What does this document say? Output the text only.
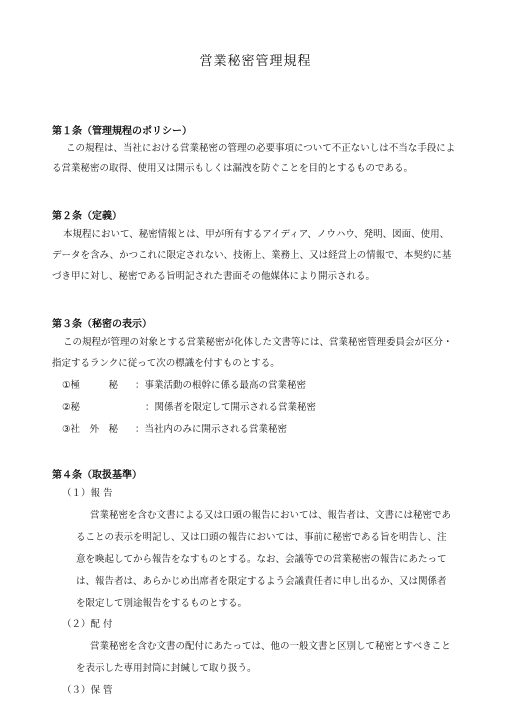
営業秘密管理規程
第１条（管理規程のポリシー）
この規程は、当社における営業秘密の管理の必要事項について不正ないしは不当な手段によ
る営業秘密の取得、使用又は開示もしくは漏洩を防ぐことを目的とするものである。
第２条（定義）
本規程において、秘密情報とは、甲が所有するアイディア、ノウハウ、発明、図面、使用、
データを含み、かつこれに限定されない、技術上、業務上、又は経営上の情報で、本契約に基
づき甲に対し、秘密である旨明記された書面その他媒体により開示される。
第３条（秘密の表示）
この規程が管理の対象とする営業秘密が化体した文書等には、営業秘密管理委員会が区分・
指定するランクに従って次の標識を付すものとする。
①極　　　秘 ：事業活動の根幹に係る最高の営業秘密
②秘	：関係者を限定して開示される営業秘密
③社　外　秘 ：当社内のみに開示される営業秘密
第４条（取扱基準）
（１）報 告
営業秘密を含む文書による又は口頭の報告においては、報告者は、文書には秘密であ
ることの表示を明記し、又は口頭の報告においては、事前に秘密である旨を明告し、注
意を喚起してから報告をなすものとする。なお、会議等での営業秘密の報告にあたって
は、報告者は、あらかじめ出席者を限定するよう会議責任者に申し出るか、又は関係者
を限定して別途報告をするものとする。
（２）配 付
営業秘密を含む文書の配付にあたっては、他の一般文書と区別して秘密とすべきこと
を表示した専用封筒に封緘して取り扱う。
（３）保 管
